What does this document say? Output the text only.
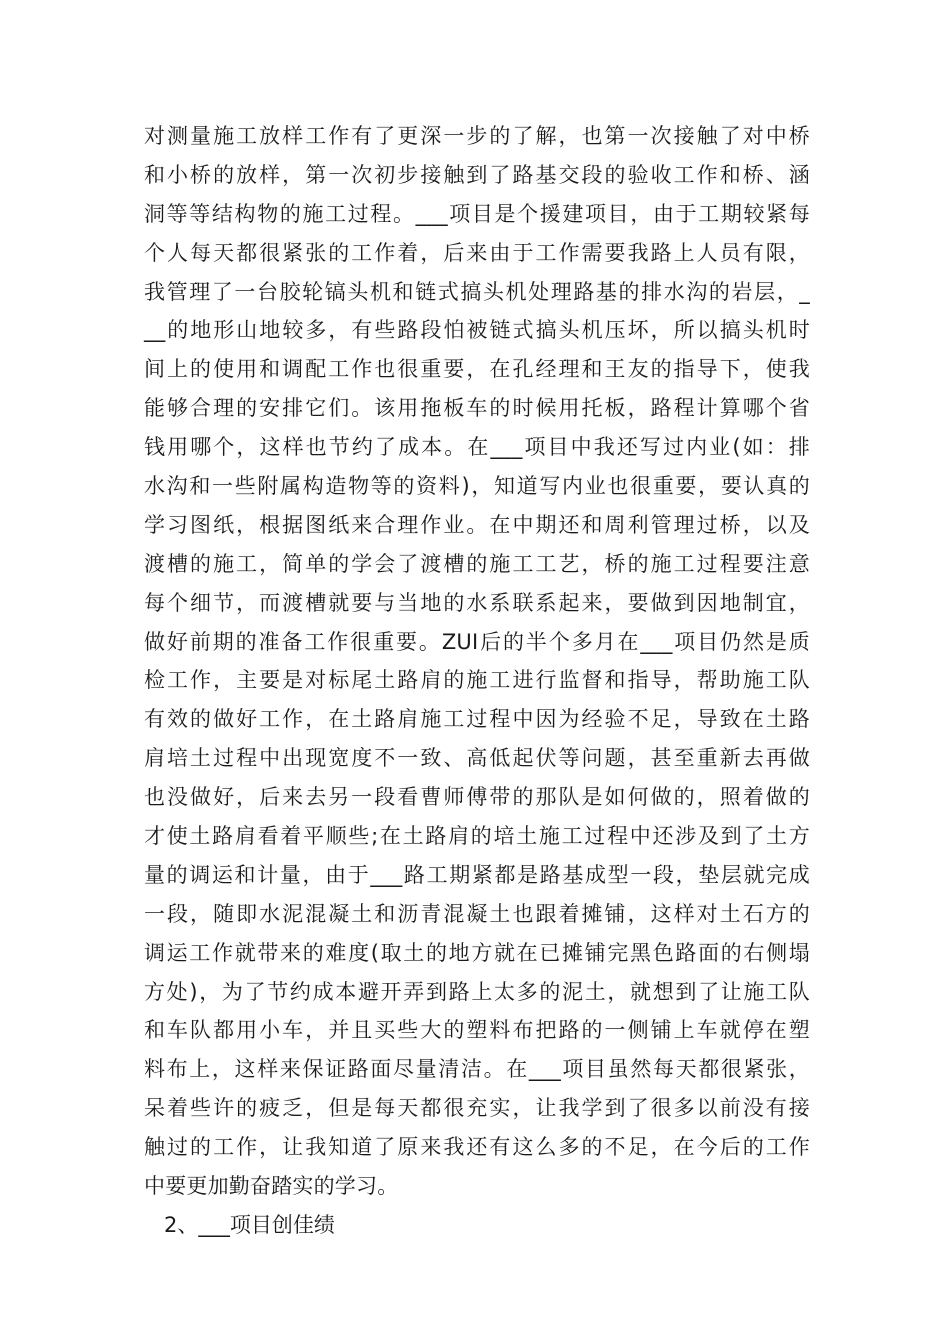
对测量施工放样工作有了更深一步的了解，也第一次接触了对中桥
和小桥的放样，第一次初步接触到了路基交段的验收工作和桥、涵
洞等等结构物的施工过程。___项目是个援建项目，由于工期较紧每
个人每天都很紧张的工作着，后来由于工作需要我路上人员有限，
我管理了一台胶轮镐头机和链式搞头机处理路基的排水沟的岩层，_
__的地形山地较多，有些路段怕被链式搞头机压坏，所以搞头机时
间上的使用和调配工作也很重要，在孔经理和王友的指导下，使我
能够合理的安排它们。该用拖板车的时候用托板，路程计算哪个省
钱用哪个，这样也节约了成本。在___项目中我还写过内业(如：排
水沟和一些附属构造物等的资料)，知道写内业也很重要，要认真的
学习图纸，根据图纸来合理作业。在中期还和周利管理过桥，以及
渡槽的施工，简单的学会了渡槽的施工工艺，桥的施工过程要注意
每个细节，而渡槽就要与当地的水系联系起来，要做到因地制宜，
做好前期的准备工作很重要。ZUI后的半个多月在___项目仍然是质
检工作，主要是对标尾土路肩的施工进行监督和指导，帮助施工队
有效的做好工作，在土路肩施工过程中因为经验不足，导致在土路
肩培土过程中出现宽度不一致、高低起伏等问题，甚至重新去再做
也没做好，后来去另一段看曹师傅带的那队是如何做的，照着做的
才使土路肩看着平顺些;在土路肩的培土施工过程中还涉及到了土方
量的调运和计量，由于___路工期紧都是路基成型一段，垫层就完成
一段，随即水泥混凝土和沥青混凝土也跟着摊铺，这样对土石方的
调运工作就带来的难度(取土的地方就在已摊铺完黑色路面的右侧塌
方处)，为了节约成本避开弄到路上太多的泥土，就想到了让施工队
和车队都用小车，并且买些大的塑料布把路的一侧铺上车就停在塑
料布上，这样来保证路面尽量清洁。在___项目虽然每天都很紧张，
呆着些许的疲乏，但是每天都很充实，让我学到了很多以前没有接
触过的工作，让我知道了原来我还有这么多的不足，在今后的工作
中要更加勤奋踏实的学习。
2、___项目创佳绩
